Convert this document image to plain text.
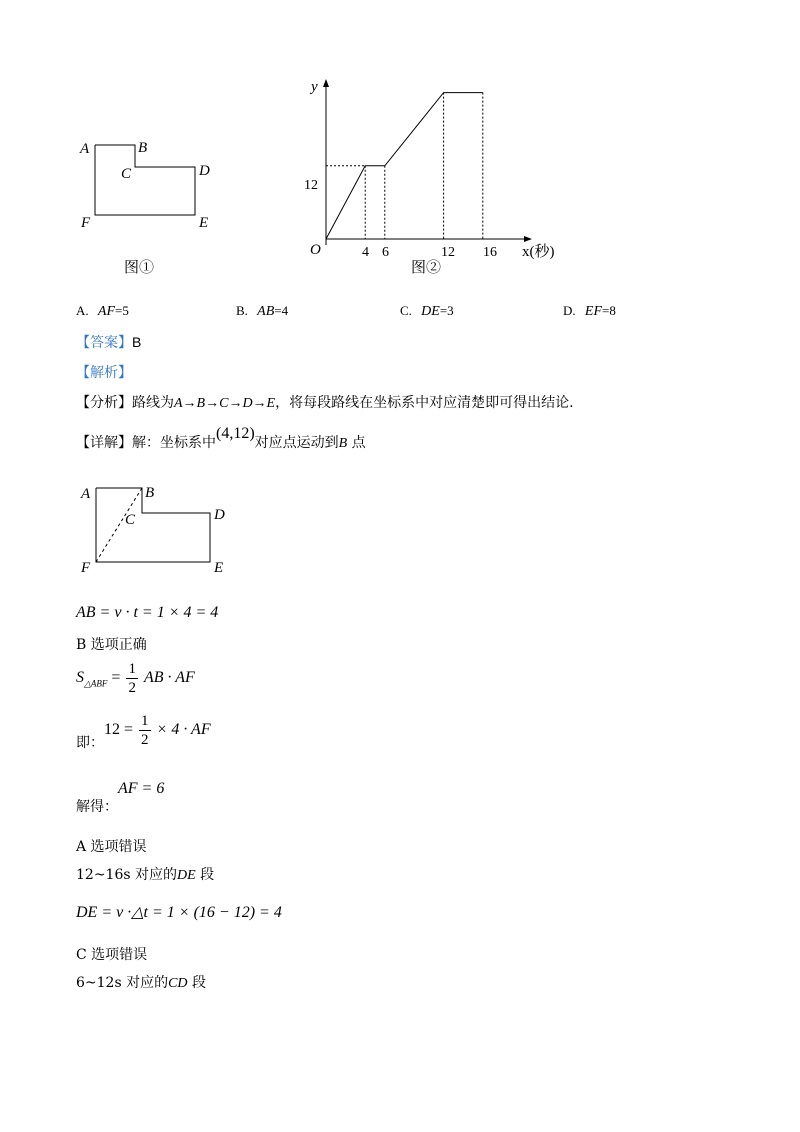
A	B
C	D
E
F
图①
y
O	x(秒)
12
4 6	12 16
图②
A. AF=5	B. AB=4	C. DE=3	D. EF=8
【答案】B
【解析】
【分析】路线为A→B→C→D→E，将每段路线在坐标系中对应清楚即可得出结论.
【详解】解：坐标系中(4,12)对应点运动到B 点
A	B
C	D
E
F
AB = v · t = 1 × 4 = 4
B 选项正确
$S_{\triangle ABF} = \frac{1}{2}$ AB · AF
即：
$12 = \frac{1}{2} \times 4$ · AF
解得：
AF = 6
A 选项错误
12~16s 对应的DE 段
DE = v ·△t = 1 × (16 − 12) = 4
C 选项错误
6~12s 对应的CD 段
